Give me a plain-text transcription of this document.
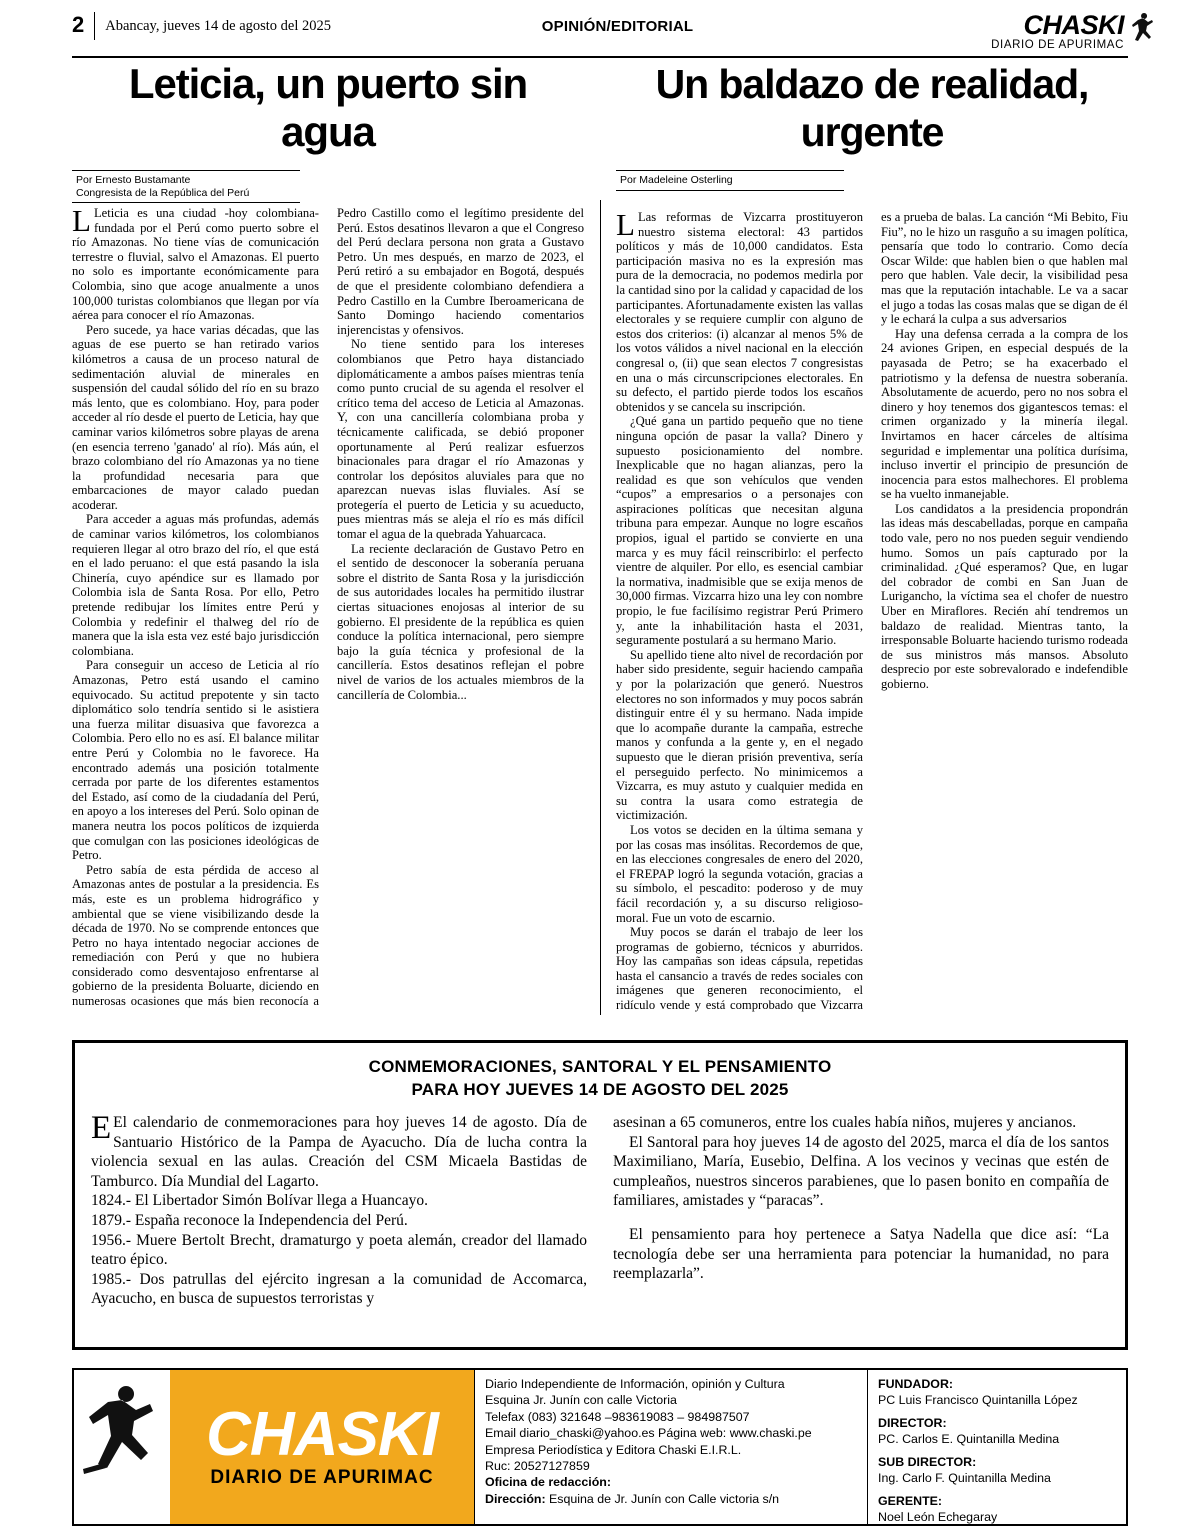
2	Abancay, jueves 14 de agosto del 2025	OPINIÓN/EDITORIAL	CHASKI
DIARIO DE APURIMAC
Leticia, un puerto sin agua
Por Ernesto Bustamante
Congresista de la República del Perú

L Leticia es una ciudad -hoy colombiana- fundada por el Perú como puerto sobre el río Amazonas. No tiene vías de comunicación terrestre o fluvial, salvo el Amazonas. El puerto no solo es importante económicamente para Colombia, sino que acoge anualmente a unos 100,000 turistas colombianos que llegan por vía aérea para conocer el río Amazonas.

Pero sucede, ya hace varias décadas, que las aguas de ese puerto se han retirado varios kilómetros a causa de un proceso natural de sedimentación aluvial de minerales en suspensión del caudal sólido del río en su brazo más lento, que es colombiano. Hoy, para poder acceder al río desde el puerto de Leticia, hay que caminar varios kilómetros sobre playas de arena (en esencia terreno 'ganado' al río). Más aún, el brazo colombiano del río Amazonas ya no tiene la profundidad necesaria para que embarcaciones de mayor calado puedan acoderar.

Para acceder a aguas más profundas, además de caminar varios kilómetros, los colombianos requieren llegar al otro brazo del río, el que está en el lado peruano: el que está pasando la isla Chinería, cuyo apéndice sur es llamado por Colombia isla de Santa Rosa. Por ello, Petro pretende redibujar los límites entre Perú y Colombia y redefinir el thalweg del río de manera que la isla esta vez esté bajo jurisdicción colombiana.

Para conseguir un acceso de Leticia al río Amazonas, Petro está usando el camino equivocado. Su actitud prepotente y sin tacto diplomático solo tendría sentido si le asistiera una fuerza militar disuasiva que favorezca a Colombia. Pero ello no es así. El balance militar entre Perú y Colombia no le favorece. Ha encontrado además una posición totalmente cerrada por parte de los diferentes estamentos del Estado, así como de la ciudadanía del Perú, en apoyo a los intereses del Perú. Solo opinan de manera neutra los pocos políticos de izquierda que comulgan con las posiciones ideológicas de Petro.

Petro sabía de esta pérdida de acceso al Amazonas antes de postular a la presidencia. Es más, este es un problema hidrográfico y ambiental que se viene visibilizando desde la década de 1970. No se comprende entonces que Petro no haya intentado negociar acciones de remediación con Perú y que no hubiera considerado como desventajoso enfrentarse al gobierno de la presidenta Boluarte, diciendo en numerosas ocasiones que más bien reconocía a Pedro Castillo como el legítimo presidente del Perú. Estos desatinos llevaron a que el Congreso del Perú declara persona non grata a Gustavo Petro. Un mes después, en marzo de 2023, el Perú retiró a su embajador en Bogotá, después de que el presidente colombiano defendiera a Pedro Castillo en la Cumbre Iberoamericana de Santo Domingo haciendo comentarios injerencistas y ofensivos.

No tiene sentido para los intereses colombianos que Petro haya distanciado diplomáticamente a ambos países mientras tenía como punto crucial de su agenda el resolver el crítico tema del acceso de Leticia al Amazonas. Y, con una cancillería colombiana proba y técnicamente calificada, se debió proponer oportunamente al Perú realizar esfuerzos binacionales para dragar el río Amazonas y controlar los depósitos aluviales para que no aparezcan nuevas islas fluviales. Así se protegería el puerto de Leticia y su acueducto, pues mientras más se aleja el río es más difícil tomar el agua de la quebrada Yahuarcaca.

La reciente declaración de Gustavo Petro en el sentido de desconocer la soberanía peruana sobre el distrito de Santa Rosa y la jurisdicción de sus autoridades locales ha permitido ilustrar ciertas situaciones enojosas al interior de su gobierno. El presidente de la república es quien conduce la política internacional, pero siempre bajo la guía técnica y profesional de la cancillería. Estos desatinos reflejan el pobre nivel de varios de los actuales miembros de la cancillería de Colombia...

Un baldazo de realidad, urgente
Por Madeleine Osterling

L Las reformas de Vizcarra prostituyeron nuestro sistema electoral: 43 partidos políticos y más de 10,000 candidatos. Esta participación masiva no es la expresión mas pura de la democracia, no podemos medirla por la cantidad sino por la calidad y capacidad de los participantes. Afortunadamente existen las vallas electorales y se requiere cumplir con alguno de estos dos criterios: (i) alcanzar al menos 5% de los votos válidos a nivel nacional en la elección congresal o, (ii) que sean electos 7 congresistas en una o más circunscripciones electorales. En su defecto, el partido pierde todos los escaños obtenidos y se cancela su inscripción.

¿Qué gana un partido pequeño que no tiene ninguna opción de pasar la valla? Dinero y supuesto posicionamiento del nombre. Inexplicable que no hagan alianzas, pero la realidad es que son vehículos que venden “cupos” a empresarios o a personajes con aspiraciones políticas que necesitan alguna tribuna para empezar. Aunque no logre escaños propios, igual el partido se convierte en una marca y es muy fácil reinscribirlo: el perfecto vientre de alquiler. Por ello, es esencial cambiar la normativa, inadmisible que se exija menos de 30,000 firmas. Vizcarra hizo una ley con nombre propio, le fue facilísimo registrar Perú Primero y, ante la inhabilitación hasta el 2031, seguramente postulará a su hermano Mario.

Su apellido tiene alto nivel de recordación por haber sido presidente, seguir haciendo campaña y por la polarización que generó. Nuestros electores no son informados y muy pocos sabrán distinguir entre él y su hermano. Nada impide que lo acompañe durante la campaña, estreche manos y confunda a la gente y, en el negado supuesto que le dieran prisión preventiva, sería el perseguido perfecto. No minimicemos a Vizcarra, es muy astuto y cualquier medida en su contra la usara como estrategia de victimización.

Los votos se deciden en la última semana y por las cosas mas insólitas. Recordemos de que, en las elecciones congresales de enero del 2020, el FREPAP logró la segunda votación, gracias a su símbolo, el pescadito: poderoso y de muy fácil recordación y, a su discurso religioso-moral. Fue un voto de escarnio.

Muy pocos se darán el trabajo de leer los programas de gobierno, técnicos y aburridos. Hoy las campañas son ideas cápsula, repetidas hasta el cansancio a través de redes sociales con imágenes que generen reconocimiento, el ridículo vende y está comprobado que Vizcarra es a prueba de balas. La canción “Mi Bebito, Fiu Fiu”, no le hizo un rasguño a su imagen política, pensaría que todo lo contrario. Como decía Oscar Wilde: que hablen bien o que hablen mal pero que hablen. Vale decir, la visibilidad pesa mas que la reputación intachable. Le va a sacar el jugo a todas las cosas malas que se digan de él y le echará la culpa a sus adversarios

Hay una defensa cerrada a la compra de los 24 aviones Gripen, en especial después de la payasada de Petro; se ha exacerbado el patriotismo y la defensa de nuestra soberanía. Absolutamente de acuerdo, pero no nos sobra el dinero y hoy tenemos dos gigantescos temas: el crimen organizado y la minería ilegal. Invirtamos en hacer cárceles de altísima seguridad e implementar una política durísima, incluso invertir el principio de presunción de inocencia para estos malhechores. El problema se ha vuelto inmanejable.

Los candidatos a la presidencia propondrán las ideas más descabelladas, porque en campaña todo vale, pero no nos pueden seguir vendiendo humo. Somos un país capturado por la criminalidad. ¿Qué esperamos? Que, en lugar del cobrador de combi en San Juan de Lurigancho, la víctima sea el chofer de nuestro Uber en Miraflores. Recién ahí tendremos un baldazo de realidad. Mientras tanto, la irresponsable Boluarte haciendo turismo rodeada de sus ministros más mansos. Absoluto desprecio por este sobrevalorado e indefendible gobierno.

CONMEMORACIONES, SANTORAL Y EL PENSAMIENTO
PARA HOY JUEVES 14 DE AGOSTO DEL 2025

E El calendario de conmemoraciones para hoy jueves 14 de agosto. Día de Santuario Histórico de la Pampa de Ayacucho. Día de lucha contra la violencia sexual en las aulas. Creación del CSM Micaela Bastidas de Tamburco. Día Mundial del Lagarto.

1824.- El Libertador Simón Bolívar llega a Huancayo.

1879.- España reconoce la Independencia del Perú.

1956.- Muere Bertolt Brecht, dramaturgo y poeta alemán, creador del llamado teatro épico.

1985.- Dos patrullas del ejército ingresan a la comunidad de Accomarca, Ayacucho, en busca de supuestos terroristas y

asesinan a 65 comuneros, entre los cuales había niños, mujeres y ancianos.

El Santoral para hoy jueves 14 de agosto del 2025, marca el día de los santos Maximiliano, María, Eusebio, Delfina. A los vecinos y vecinas que estén de cumpleaños, nuestros sinceros parabienes, que lo pasen bonito en compañía de familiares, amistades y “paracas”.

El pensamiento para hoy pertenece a Satya Nadella que dice así: “La tecnología debe ser una herramienta para potenciar la humanidad, no para reemplazarla”.

CHASKI
DIARIO DE APURIMAC
Diario Independiente de Información, opinión y Cultura
Esquina Jr. Junín con calle Victoria
Telefax (083) 321648 –983619083 – 984987507
Email diario_chaski@yahoo.es Página web: www.chaski.pe
Empresa Periodística y Editora Chaski E.I.R.L.
Ruc: 20527127859
Oficina de redacción:
Dirección: Esquina de Jr. Junín con Calle victoria s/n
FUNDADOR:
PC Luis Francisco Quintanilla López
DIRECTOR:
PC. Carlos E. Quintanilla Medina
SUB DIRECTOR:
Ing. Carlo F. Quintanilla Medina
GERENTE:
Noel León Echegaray
